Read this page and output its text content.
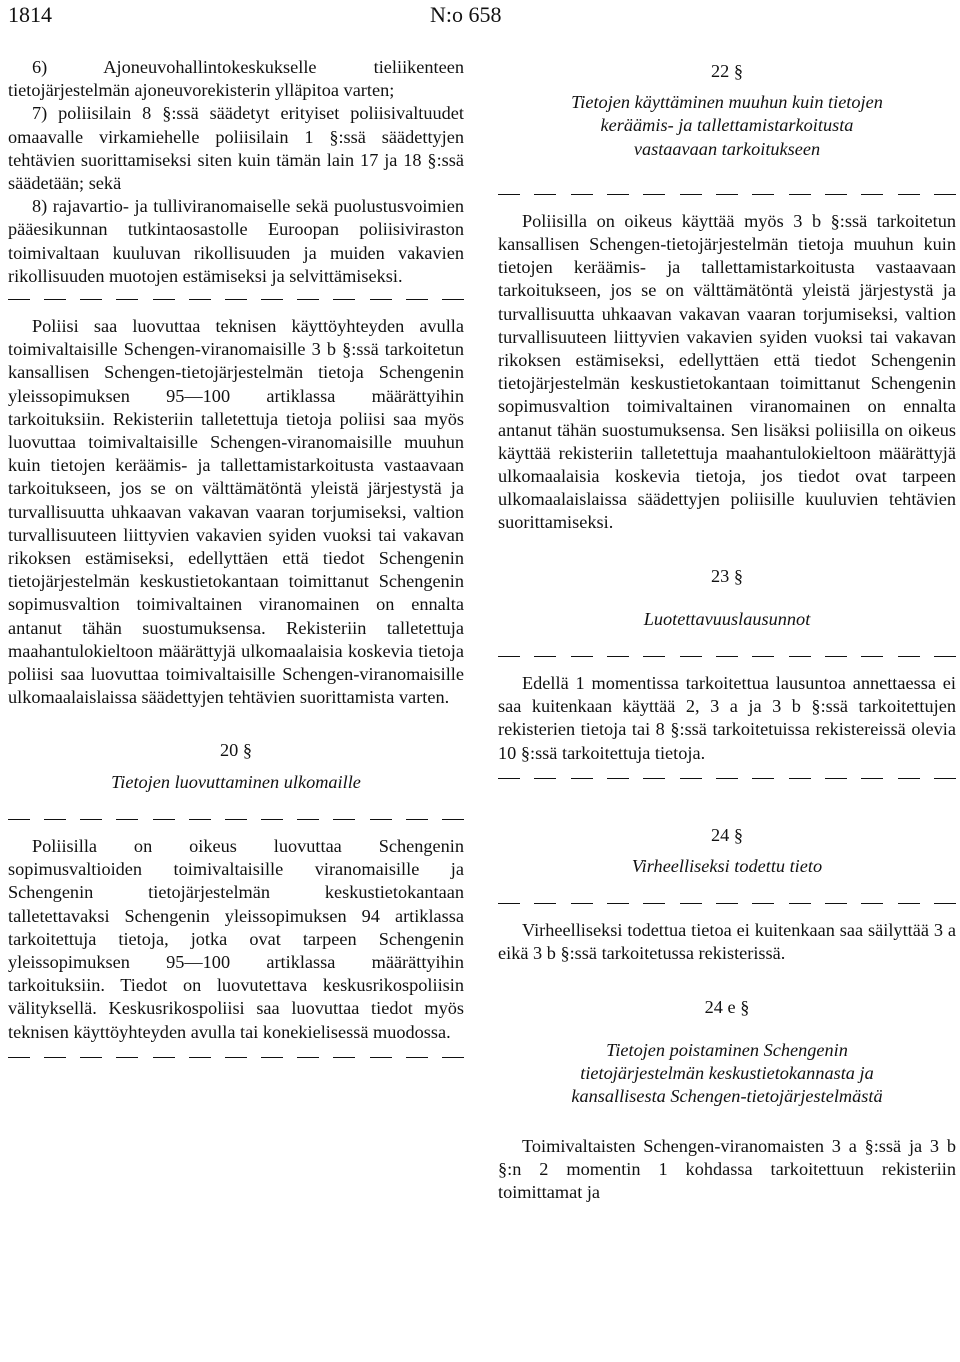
1814	N:o 658

6) Ajoneuvohallintokeskukselle tieliikenteen tietojärjestelmän ajoneuvorekisterin ylläpitoa varten;

7) poliisilain 8 §:ssä säädetyt erityiset poliisivaltuudet omaavalle virkamiehelle poliisilain 1 §:ssä säädettyjen tehtävien suorittamiseksi siten kuin tämän lain 17 ja 18 §:ssä säädetään; sekä

8) rajavartio- ja tulliviranomaiselle sekä puolustusvoimien pääesikunnan tutkintaosastolle Euroopan poliisiviraston toimivaltaan kuuluvan rikollisuuden ja muiden vakavien rikollisuuden muotojen estämiseksi ja selvittämiseksi.

Poliisi saa luovuttaa teknisen käyttöyhteyden avulla toimivaltaisille Schengen-viranomaisille 3 b §:ssä tarkoitetun kansallisen Schengen-tietojärjestelmän tietoja Schengenin yleissopimuksen 95—100 artiklassa määrättyihin tarkoituksiin. Rekisteriin talletettuja tietoja poliisi saa myös luovuttaa toimivaltaisille Schengen-viranomaisille muuhun kuin tietojen keräämis- ja tallettamistarkoitusta vastaavaan tarkoitukseen, jos se on välttämätöntä yleistä järjestystä ja turvallisuutta uhkaavan vakavan vaaran torjumiseksi, valtion turvallisuuteen liittyvien vakavien syiden vuoksi tai vakavan rikoksen estämiseksi, edellyttäen että tiedot Schengenin tietojärjestelmän keskustietokantaan toimittanut Schengenin sopimusvaltion toimivaltainen viranomainen on ennalta antanut tähän suostumuksensa. Rekisteriin talletettuja maahantulokieltoon määrättyjä ulkomaalaisia koskevia tietoja poliisi saa luovuttaa toimivaltaisille Schengen-viranomaisille ulkomaalaislaissa säädettyjen tehtävien suorittamista varten.

20 §
Tietojen luovuttaminen ulkomaille

Poliisilla on oikeus luovuttaa Schengenin sopimusvaltioiden toimivaltaisille viranomaisille ja Schengenin tietojärjestelmän keskustietokantaan talletettavaksi Schengenin yleissopimuksen 94 artiklassa tarkoitettuja tietoja, jotka ovat tarpeen Schengenin yleissopimuksen 95—100 artiklassa määrättyihin tarkoituksiin. Tiedot on luovutettava keskusrikospoliisin välityksellä. Keskusrikospoliisi saa luovuttaa tiedot myös teknisen käyttöyhteyden avulla tai konekielisessä muodossa.

22 §
Tietojen käyttäminen muuhun kuin tietojen
keräämis- ja tallettamistarkoitusta
vastaavaan tarkoitukseen

Poliisilla on oikeus käyttää myös 3 b §:ssä tarkoitetun kansallisen Schengen-tietojärjestelmän tietoja muuhun kuin tietojen keräämis- ja tallettamistarkoitusta vastaavaan tarkoitukseen, jos se on välttämätöntä yleistä järjestystä ja turvallisuutta uhkaavan vakavan vaaran torjumiseksi, valtion turvallisuuteen liittyvien vakavien syiden vuoksi tai vakavan rikoksen estämiseksi, edellyttäen että tiedot Schengenin tietojärjestelmän keskustietokantaan toimittanut Schengenin sopimusvaltion toimivaltainen viranomainen on ennalta antanut tähän suostumuksensa. Sen lisäksi poliisilla on oikeus käyttää rekisteriin talletettuja maahantulokieltoon määrättyjä ulkomaalaisia koskevia tietoja, jos tiedot ovat tarpeen ulkomaalaislaissa säädettyjen poliisille kuuluvien tehtävien suorittamiseksi.

23 §
Luotettavuuslausunnot

Edellä 1 momentissa tarkoitettua lausuntoa annettaessa ei saa kuitenkaan käyttää 2, 3 a ja 3 b §:ssä tarkoitettujen rekisterien tietoja tai 8 §:ssä tarkoitetuissa rekistereissä olevia 10 §:ssä tarkoitettuja tietoja.

24 §
Virheelliseksi todettu tieto

Virheelliseksi todettua tietoa ei kuitenkaan saa säilyttää 3 a eikä 3 b §:ssä tarkoitetussa rekisterissä.

24 e §
Tietojen poistaminen Schengenin
tietojärjestelmän keskustietokannasta ja
kansallisesta Schengen-tietojärjestelmästä

Toimivaltaisten Schengen-viranomaisten 3 a §:ssä ja 3 b §:n 2 momentin 1 kohdassa tarkoitettuun rekisteriin toimittamat ja
